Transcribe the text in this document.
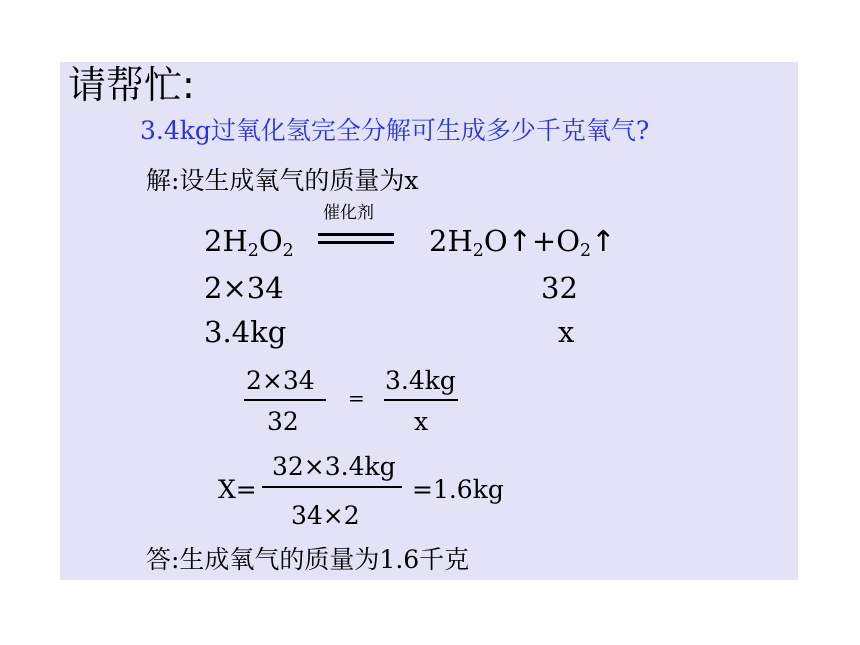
请帮忙:
3.4kg过氧化氢完全分解可生成多少千克氧气?
解:设生成氧气的质量为x
催化剂
$2H_2O_2$	$2H_2O↑+O_2↑$
2×34	32
3.4kg	x
2×34
32
=
3.4kg
x
X=
32×3.4kg
34×2
=1.6kg
答:生成氧气的质量为1.6千克
